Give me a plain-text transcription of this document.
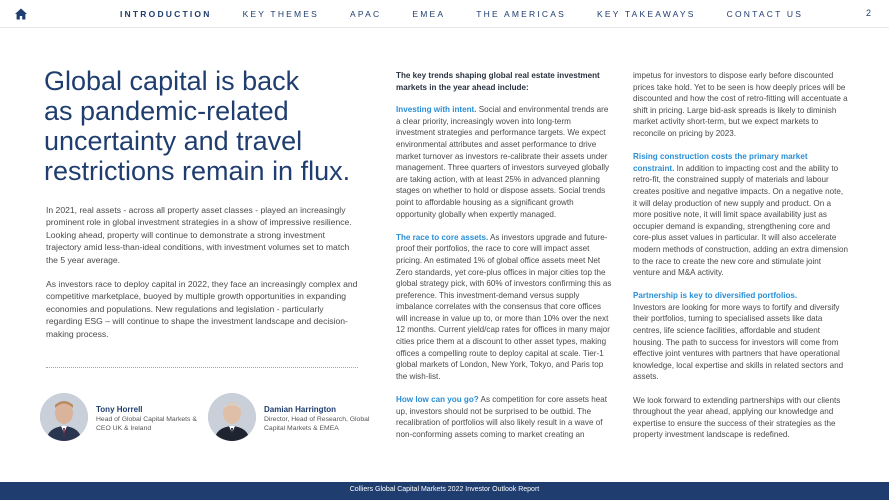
INTRODUCTION	KEY THEMES	APAC	EMEA	THE AMERICAS	KEY TAKEAWAYS	CONTACT US	2
Global capital is back
as pandemic-related uncertainty and travel restrictions remain in flux.

In 2021, real assets - across all property asset classes - played an increasingly prominent role in global investment strategies in a show of impressive resilience. Looking ahead, property will continue to demonstrate a strong investment trajectory amid less-than-ideal conditions, with investment volumes set to match the 5 year average.

As investors race to deploy capital in 2022, they face an increasingly complex and competitive marketplace, buoyed by multiple growth opportunities in expanding economies and populations. New regulations and legislation - particularly regarding ESG – will continue to shape the investment landscape and decision-making process.

Tony Horrell
Head of Global Capital Markets & CEO UK & Ireland
Damian Harrington
Director, Head of Research, Global Capital Markets & EMEA

The key trends shaping global real estate investment markets in the year ahead include:

Investing with intent. Social and environmental trends are a clear priority, increasingly woven into long-term investment strategies and performance targets. We expect environmental attributes and asset performance to drive market turnover as investors re-calibrate their assets under management. Three quarters of investors surveyed globally are taking action, with at least 25% in advanced planning stages on whether to hold or dispose assets. Social trends point to affordable housing as a significant growth opportunity globally when expertly managed.

The race to core assets. As investors upgrade and future-proof their portfolios, the race to core will impact asset pricing. An estimated 1% of global office assets meet Net Zero standards, yet core-plus offices in major cities top the global strategy pick, with 60% of investors confirming this as preference. This investment-demand versus supply imbalance correlates with the consensus that core offices will increase in value up to, or more than 10% over the next 12 months. Current yield/cap rates for offices in many major cities price them at a discount to other asset types, making offices a compelling route to deploy capital at scale. Tier-1 global markets of London, New York, Tokyo, and Paris top the wish-list.

How low can you go? As competition for core assets heat up, investors should not be surprised to be outbid. The recalibration of portfolios will also likely result in a wave of non-conforming assets coming to market creating an

impetus for investors to dispose early before discounted prices take hold. Yet to be seen is how deeply prices will be discounted and how the cost of retro-fitting will accentuate a shift in pricing. Large bid-ask spreads is likely to diminish market activity short-term, but we expect markets to reconcile on pricing by 2023.

Rising construction costs the primary market constraint. In addition to impacting cost and the ability to retro-fit, the constrained supply of materials and labour creates positive and negative impacts. On a negative note, it will delay production of new supply and product. On a more positive note, it will limit space availability just as occupier demand is expanding, strengthening core and core-plus asset values in particular. It will also accelerate modern methods of construction, adding an extra dimension to the race to create the new core and stimulate joint venture and M&A activity.

Partnership is key to diversified portfolios.
Investors are looking for more ways to fortify and diversify their portfolios, turning to specialised assets like data centres, life science facilities, affordable and student housing. The path to success for investors will come from effective joint ventures with partners that have operational knowledge, local expertise and skills in related sectors and assets.

We look forward to extending partnerships with our clients throughout the year ahead, applying our knowledge and expertise to ensure the success of their strategies as the property investment landscape is redefined.

Colliers Global Capital Markets 2022 Investor Outlook Report
